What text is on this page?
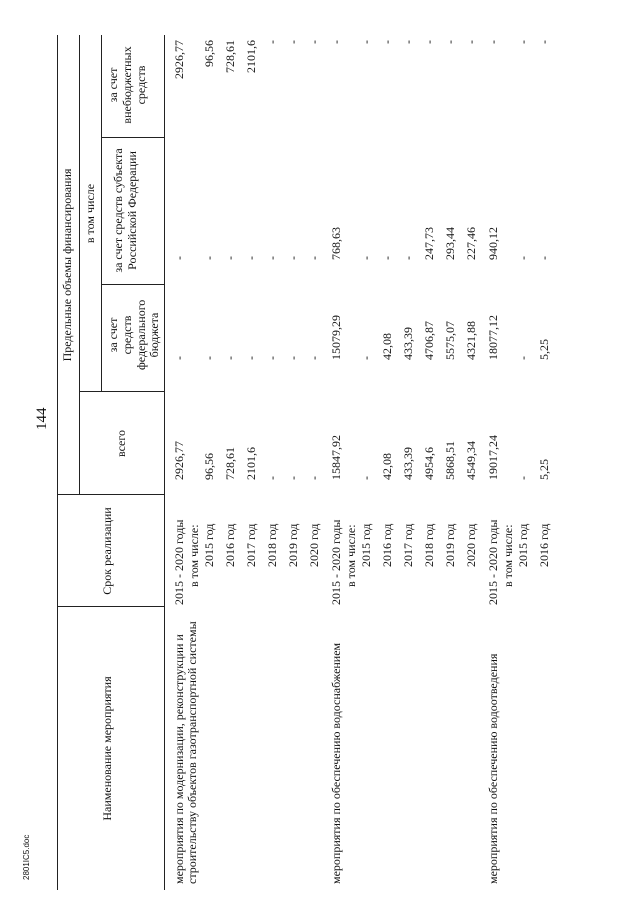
144
Наименование мероприятия
Срок реализации
Предельные объемы финансирования
всего
в том числе
за счет средств федерального бюджета
за счет средств субъекта Российской Федерации
за счет внебюджетных средств
мероприятия по модернизации, реконструкции и строительству объектов газотранспортной системы
2015 - 2020 годы
2926,77
-
-
2926,77
в том числе: 2015 год
96,56
-
-
96,56
2016 год
728,61
-
-
728,61
2017 год
2101,6
-
-
2101,6
2018 год
-
-
-
-
2019 год
-
-
-
-
2020 год
-
-
-
-
мероприятия по обеспечению водоснабжением
2015 - 2020 годы
15847,92
15079,29
768,63
-
в том числе: 2015 год
-
-
-
-
2016 год
42,08
42,08
-
-
2017 год
433,39
433,39
-
-
2018 год
4954,6
4706,87
247,73
-
2019 год
5868,51
5575,07
293,44
-
2020 год
4549,34
4321,88
227,46
-
мероприятия по обеспечению водоотведения
2015 - 2020 годы
19017,24
18077,12
940,12
-
в том числе: 2015 год
-
-
-
-
2016 год
5,25
5,25
-
-
2801IC5.doc
